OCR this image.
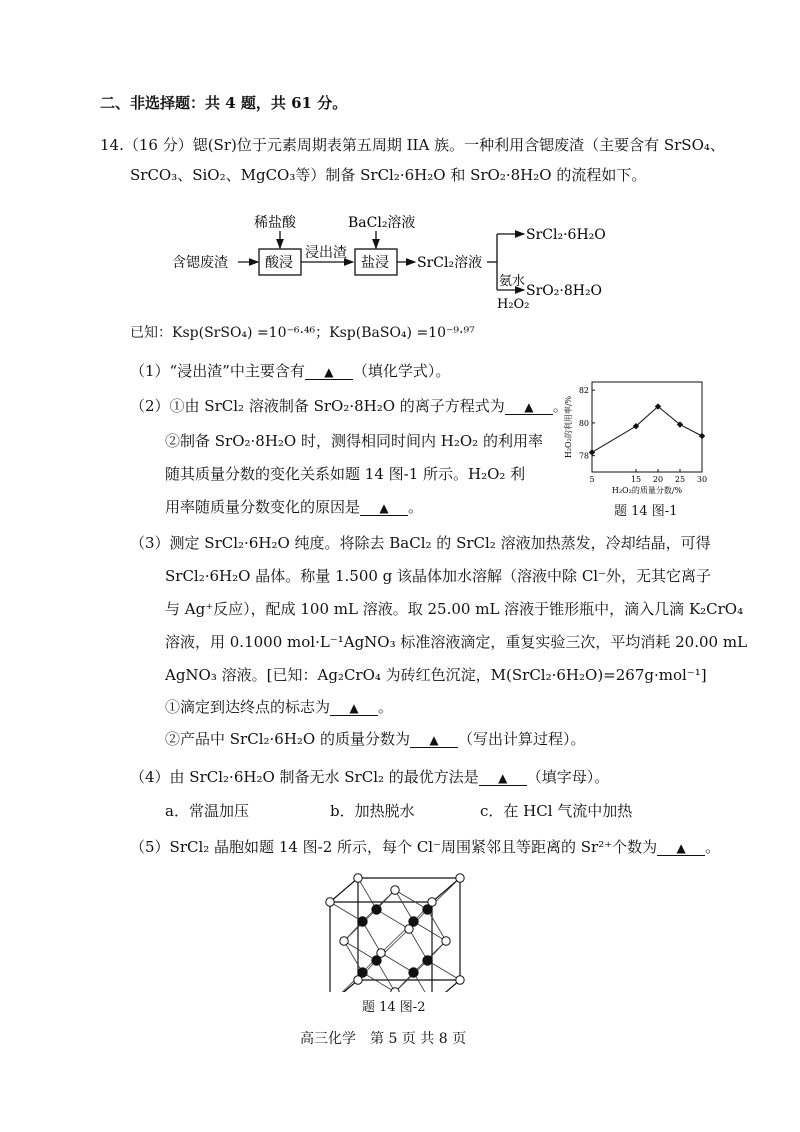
二、非选择题：共 4 题，共 61 分。
14.（16 分）锶(Sr)位于元素周期表第五周期 IIA 族。一种利用含锶废渣（主要含有 SrSO₄、
SrCO₃、SiO₂、MgCO₃等）制备 SrCl₂·6H₂O 和 SrO₂·8H₂O 的流程如下。
含锶废渣	酸浸
稀盐酸
浸出渣
盐浸
BaCl₂溶液
SrCl₂溶液
SrCl₂·6H₂O
SrO₂·8H₂O
氨水
H₂O₂
已知：Ksp(SrSO₄) =10⁻⁶·⁴⁶；Ksp(BaSO₄) =10⁻⁹·⁹⁷
（1）“浸出渣”中主要含有 ▲ （填化学式）。
（2）①由 SrCl₂ 溶液制备 SrO₂·8H₂O 的离子方程式为 ▲ 。
②制备 SrO₂·8H₂O 时，测得相同时间内 H₂O₂ 的利用率
随其质量分数的变化关系如题 14 图-1 所示。H₂O₂ 利
用率随质量分数变化的原因是 ▲ 。
5	15 20 25 30
78
80
82
H₂O₂的质量分数/%
H₂O₂的利用率/%
题 14 图-1
（3）测定 SrCl₂·6H₂O 纯度。将除去 BaCl₂ 的 SrCl₂ 溶液加热蒸发，冷却结晶，可得
SrCl₂·6H₂O 晶体。称量 1.500 g 该晶体加水溶解（溶液中除 Cl⁻外，无其它离子
与 Ag⁺反应），配成 100 mL 溶液。取 25.00 mL 溶液于锥形瓶中，滴入几滴 K₂CrO₄
溶液，用 0.1000 mol·L⁻¹AgNO₃ 标准溶液滴定，重复实验三次，平均消耗 20.00 mL
AgNO₃ 溶液。[已知：Ag₂CrO₄ 为砖红色沉淀，M(SrCl₂·6H₂O)=267g·mol⁻¹]
①滴定到达终点的标志为 ▲ 。
②产品中 SrCl₂·6H₂O 的质量分数为 ▲ （写出计算过程）。
（4）由 SrCl₂·6H₂O 制备无水 SrCl₂ 的最优方法是 ▲ （填字母）。
a．常温加压	b．加热脱水	c．在 HCl 气流中加热
（5）SrCl₂ 晶胞如题 14 图-2 所示，每个 Cl⁻周围紧邻且等距离的 Sr²⁺个数为 ▲ 。
题 14 图-2
高三化学　第 5 页 共 8 页
